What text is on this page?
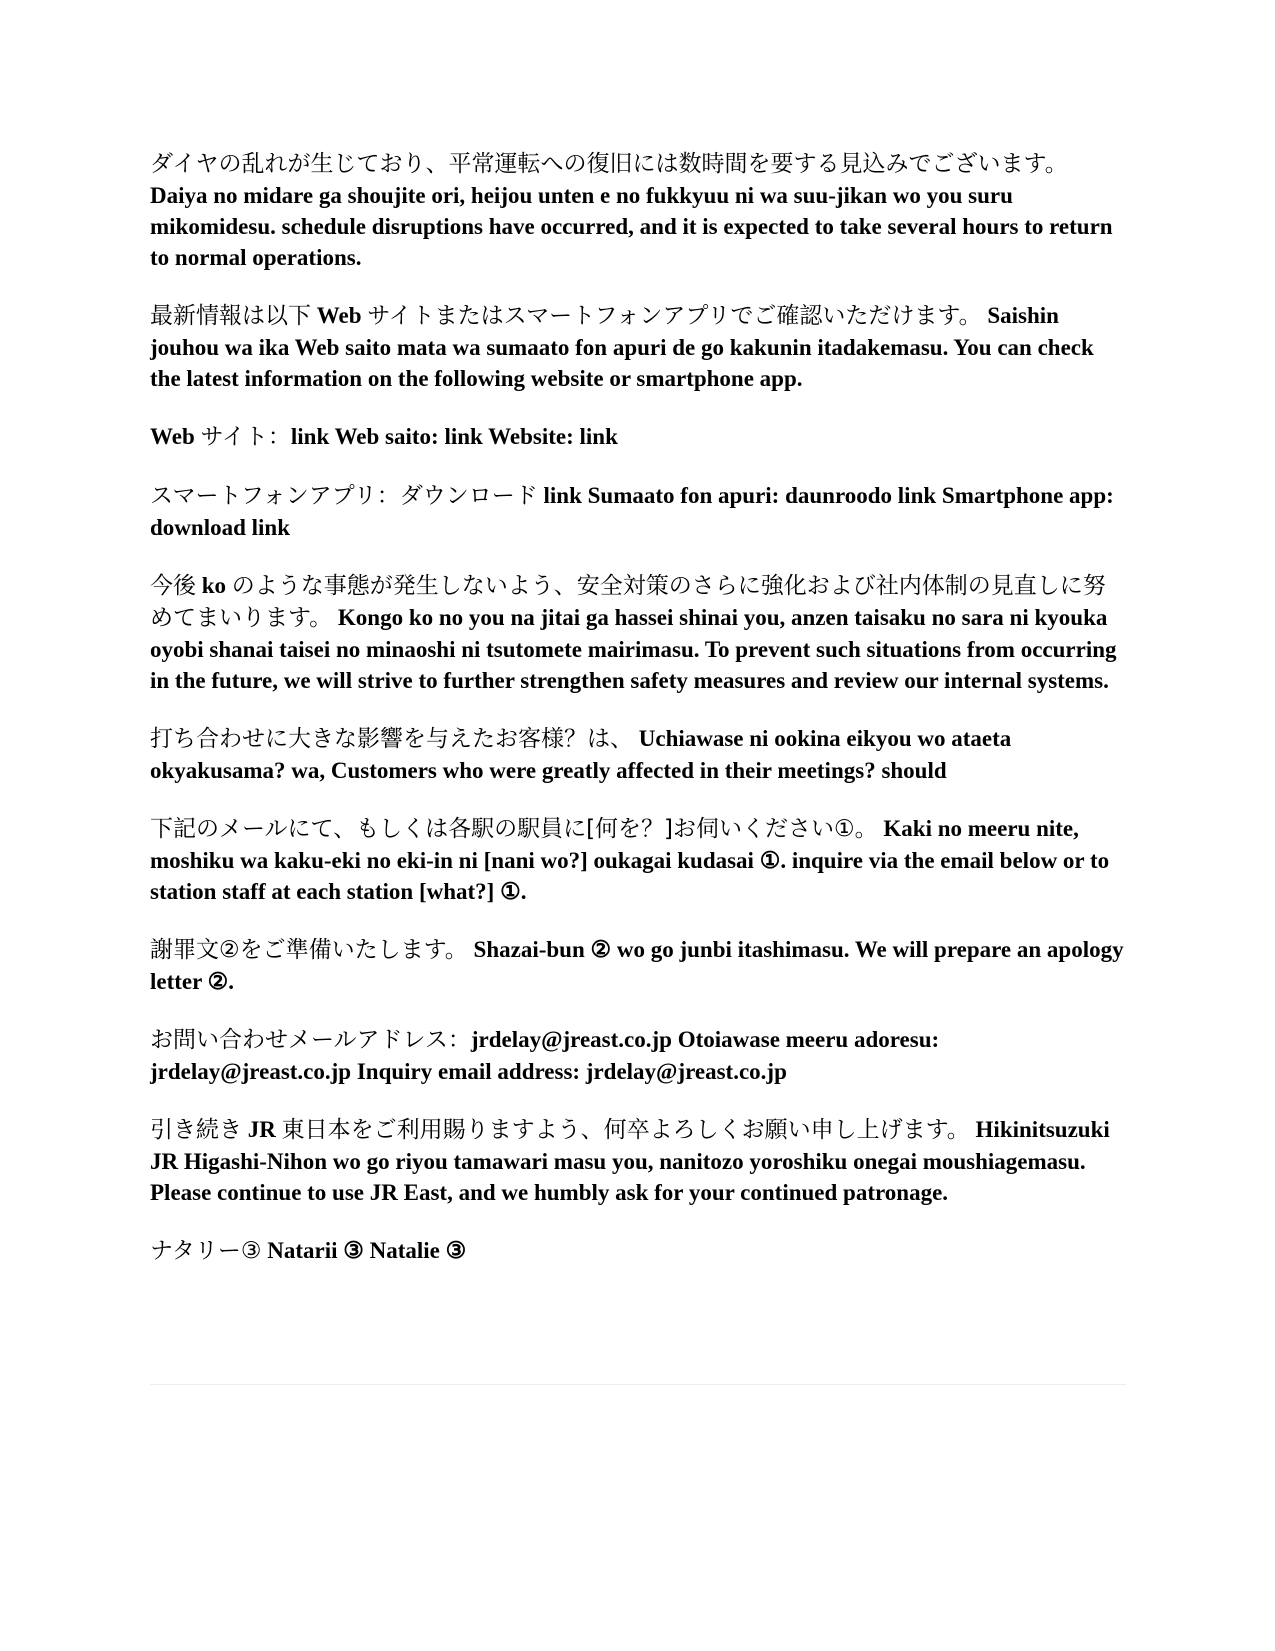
ダイヤの乱れが生じており、平常運転への復旧には数時間を要する見込みでございます。 Daiya no midare ga shoujite ori, heijou unten e no fukkyuu ni wa suu-jikan wo you suru mikomidesu. schedule disruptions have occurred, and it is expected to take several hours to return to normal operations.

最新情報は以下 Web サイトまたはスマートフォンアプリでご確認いただけます。 Saishin jouhou wa ika Web saito mata wa sumaato fon apuri de go kakunin itadakemasu. You can check the latest information on the following website or smartphone app.

Web サイト：link Web saito: link Website: link

スマートフォンアプリ：ダウンロード link Sumaato fon apuri: daunroodo link Smartphone app: download link

今後 ko のような事態が発生しないよう、安全対策のさらに強化および社内体制の見直しに努めてまいります。 Kongo ko no you na jitai ga hassei shinai you, anzen taisaku no sara ni kyouka oyobi shanai taisei no minaoshi ni tsutomete mairimasu. To prevent such situations from occurring in the future, we will strive to further strengthen safety measures and review our internal systems.

打ち合わせに大きな影響を与えたお客様？は、 Uchiawase ni ookina eikyou wo ataeta okyakusama? wa, Customers who were greatly affected in their meetings? should

下記のメールにて、もしくは各駅の駅員に[何を？]お伺いください①。 Kaki no meeru nite, moshiku wa kaku-eki no eki-in ni [nani wo?] oukagai kudasai ①. inquire via the email below or to station staff at each station [what?] ①.

謝罪文②をご準備いたします。 Shazai-bun ② wo go junbi itashimasu. We will prepare an apology letter ②.

お問い合わせメールアドレス：jrdelay@jreast.co.jp Otoiawase meeru adoresu: jrdelay@jreast.co.jp Inquiry email address: jrdelay@jreast.co.jp

引き続き JR 東日本をご利用賜りますよう、何卒よろしくお願い申し上げます。 Hikinitsuzuki JR Higashi-Nihon wo go riyou tamawari masu you, nanitozo yoroshiku onegai moushiagemasu. Please continue to use JR East, and we humbly ask for your continued patronage.

ナタリー③ Natarii ③ Natalie ③
